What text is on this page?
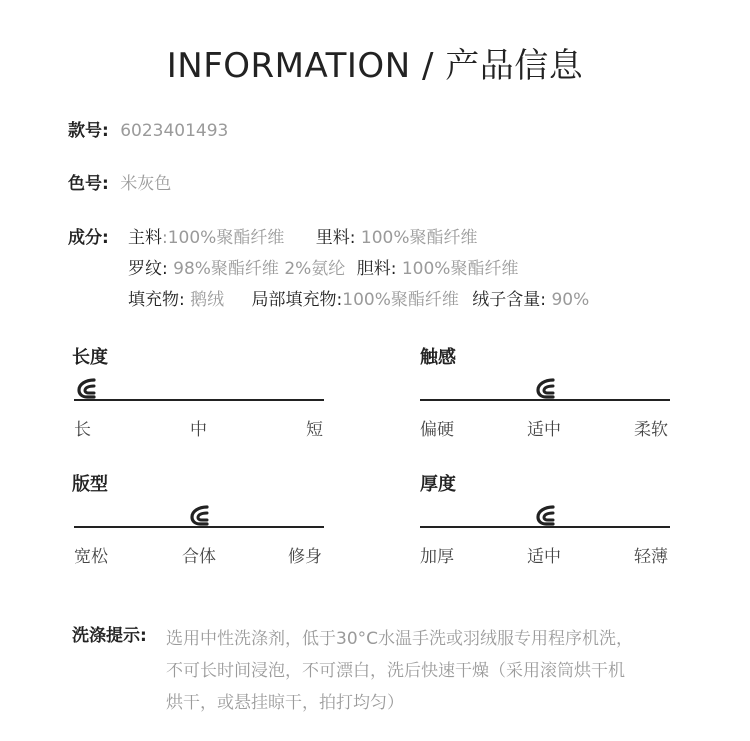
INFORMATION / 产品信息
款号: 6023401493
色号: 米灰色
成分: 主料:100%聚酯纤维 里料: 100%聚酯纤维
罗纹: 98%聚酯纤维 2%氨纶 胆料: 100%聚酯纤维
填充物: 鹅绒 局部填充物:100%聚酯纤维 绒子含量: 90%
长度
长	中	短
触感
偏硬	适中	柔软
版型
宽松	合体	修身
厚度
加厚	适中	轻薄
洗涤提示: 选用中性洗涤剂，低于30°C水温手洗或羽绒服专用程序机洗，
不可长时间浸泡，不可漂白，洗后快速干燥（采用滚筒烘干机
烘干，或悬挂晾干，拍打均匀）
